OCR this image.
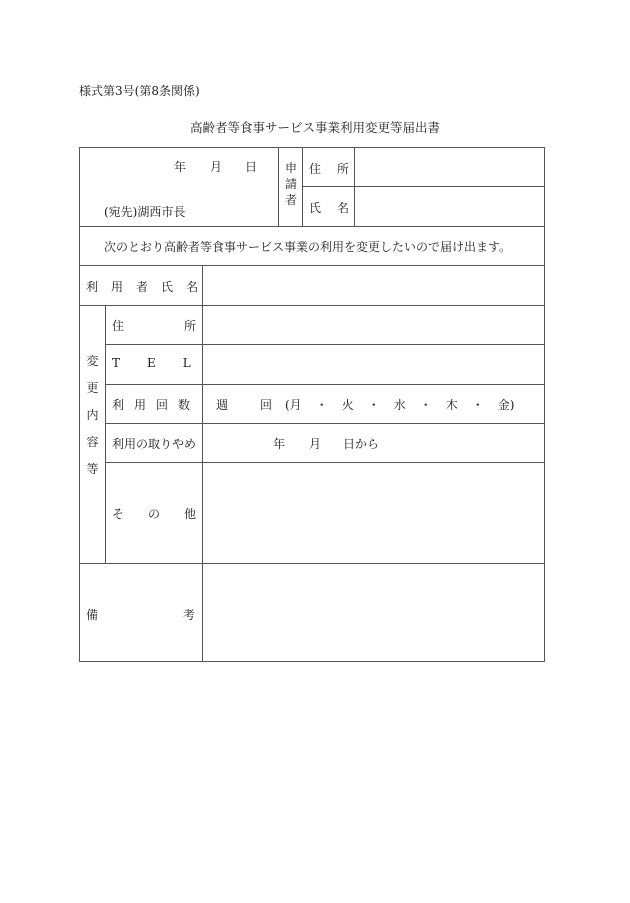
様式第3号(第8条関係)
高齢者等食事サービス事業利用変更等届出書
年 月 日
(宛先)湖西市長
申
請
者
住 所
氏 名
次のとおり高齢者等食事サービス事業の利用を変更したいので届け出ます。
利 用 者 氏 名
変
更
内
容
等
住	所
T E L
利 用 回 数 週	回 (月 ・ 火 ・ 水 ・ 木 ・ 金)
利用の取りやめ	年 月 日から
そ の 他
備	考
